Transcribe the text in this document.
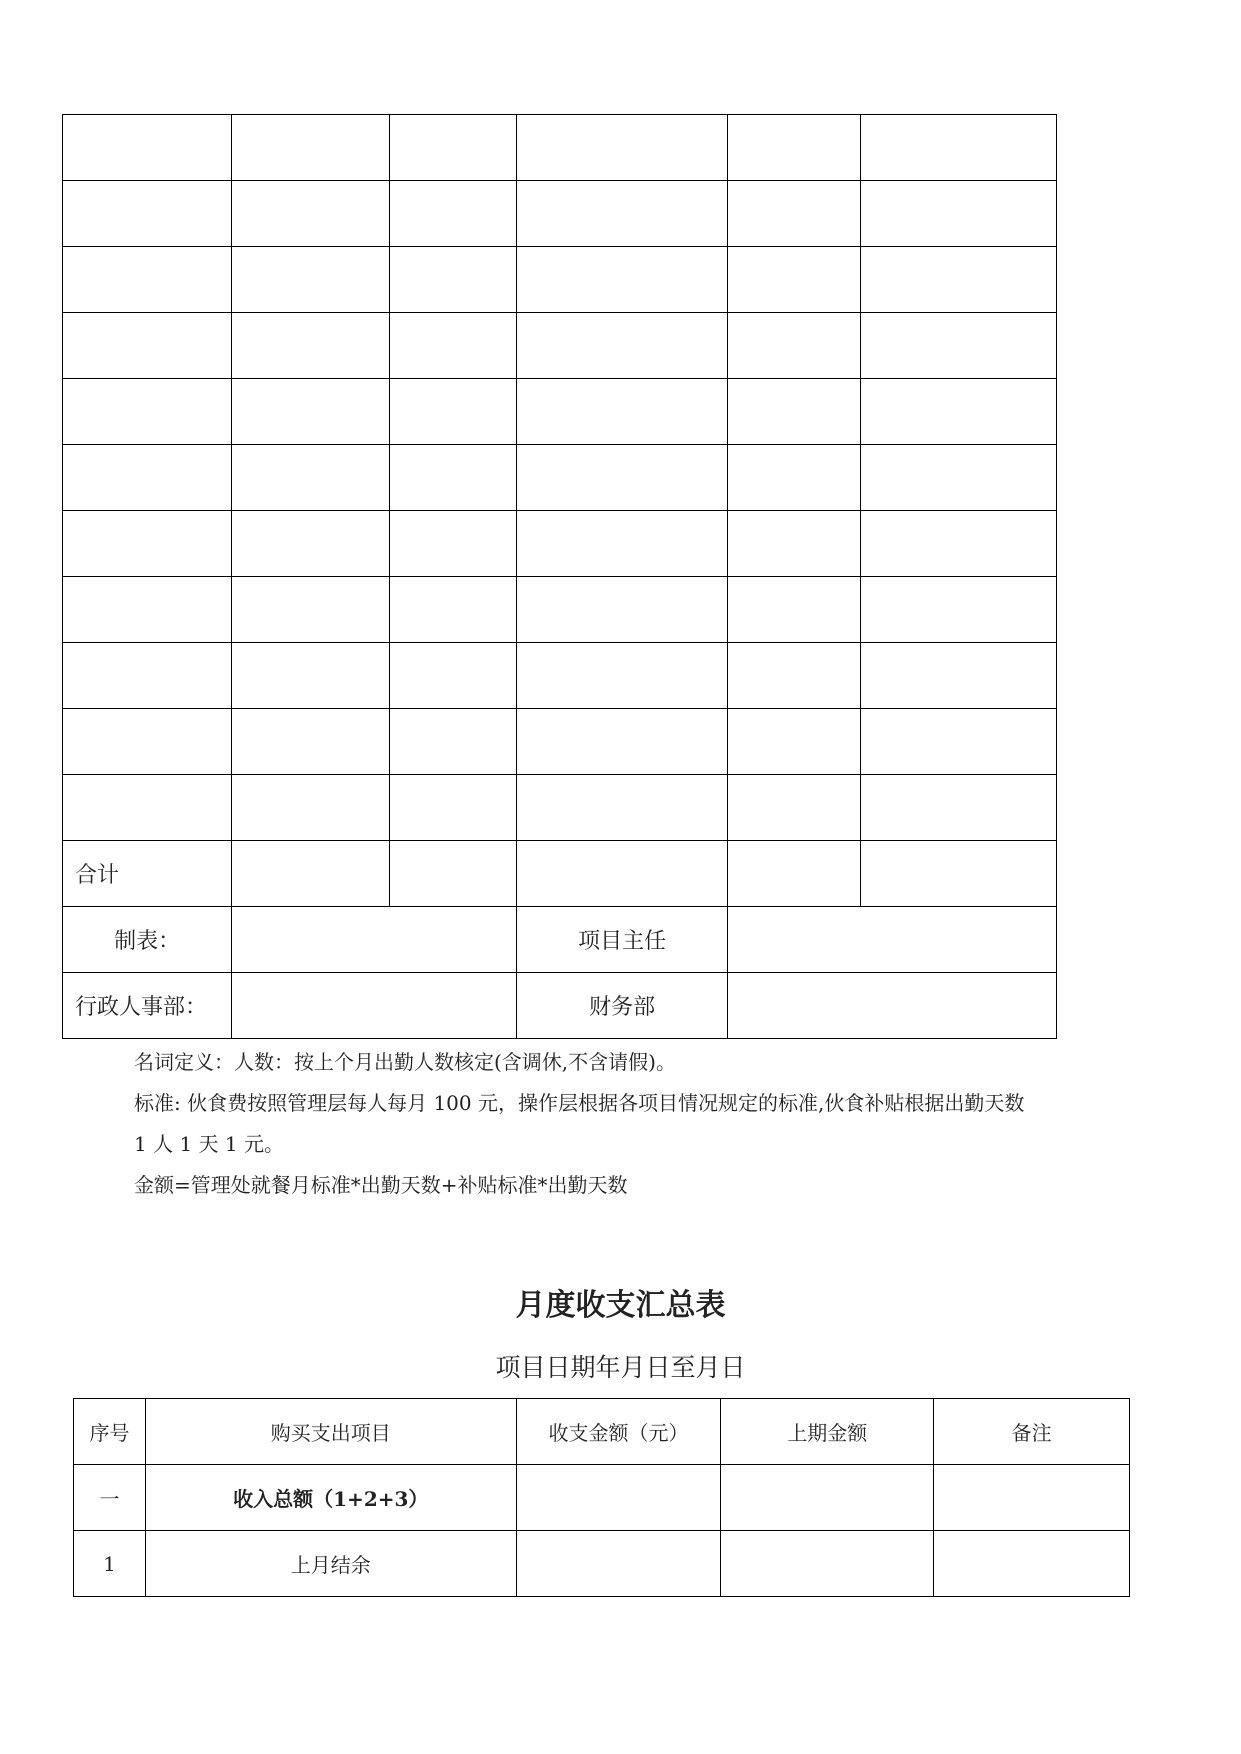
合计					
制表：			项目主任		
行政人事部：			财务部		
名词定义：人数：按上个月出勤人数核定(含调休,不含请假)。
标准: 伙食费按照管理层每人每月 100 元，操作层根据各项目情况规定的标准,伙食补贴根据出勤天数
1 人 1 天 1 元。
金额=管理处就餐月标准*出勤天数+补贴标准*出勤天数
月度收支汇总表
项目日期年月日至月日
序号	购买支出项目	收支金额（元）	上期金额	备注
一	收入总额（1+2+3）			
1	上月结余			
